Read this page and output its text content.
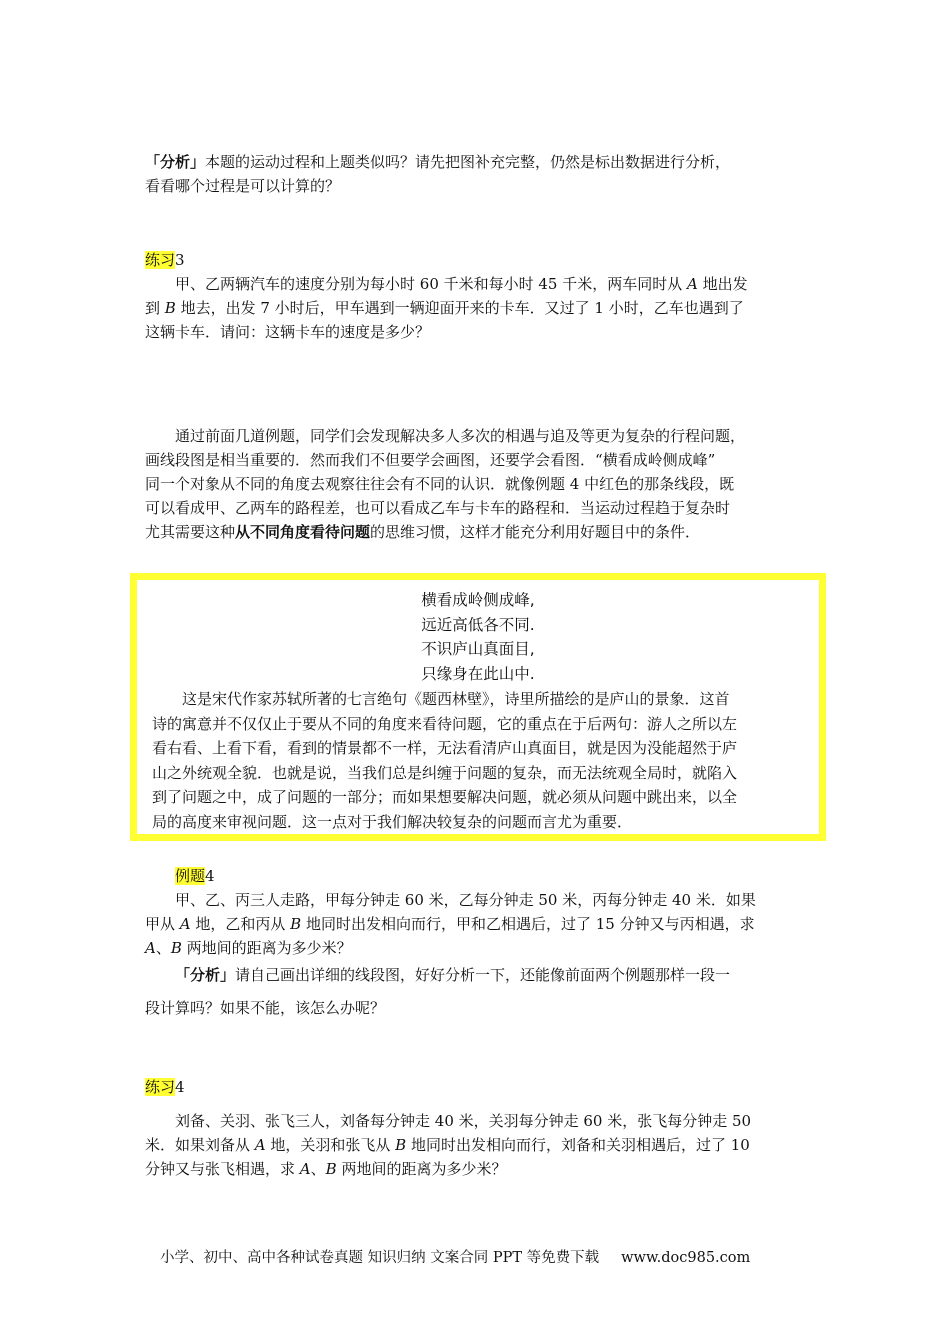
「分析」本题的运动过程和上题类似吗？请先把图补充完整，仍然是标出数据进行分析，
看看哪个过程是可以计算的？
练习3
甲、乙两辆汽车的速度分别为每小时 60 千米和每小时 45 千米，两车同时从 A 地出发
到 B 地去，出发 7 小时后，甲车遇到一辆迎面开来的卡车．又过了 1 小时，乙车也遇到了
这辆卡车．请问：这辆卡车的速度是多少？
通过前面几道例题，同学们会发现解决多人多次的相遇与追及等更为复杂的行程问题，
画线段图是相当重要的．然而我们不但要学会画图，还要学会看图．“横看成岭侧成峰”
同一个对象从不同的角度去观察往往会有不同的认识．就像例题 4 中红色的那条线段，既
可以看成甲、乙两车的路程差，也可以看成乙车与卡车的路程和．当运动过程趋于复杂时
尤其需要这种从不同角度看待问题的思维习惯，这样才能充分利用好题目中的条件．
横看成岭侧成峰,
远近高低各不同.
不识庐山真面目,
只缘身在此山中.
这是宋代作家苏轼所著的七言绝句《题西林壁》，诗里所描绘的是庐山的景象．这首
诗的寓意并不仅仅止于要从不同的角度来看待问题，它的重点在于后两句：游人之所以左
看右看、上看下看，看到的情景都不一样，无法看清庐山真面目，就是因为没能超然于庐
山之外统观全貌．也就是说，当我们总是纠缠于问题的复杂，而无法统观全局时，就陷入
到了问题之中，成了问题的一部分；而如果想要解决问题，就必须从问题中跳出来，以全
局的高度来审视问题．这一点对于我们解决较复杂的问题而言尤为重要．
例题4
甲、乙、丙三人走路，甲每分钟走 60 米，乙每分钟走 50 米，丙每分钟走 40 米．如果
甲从 A 地，乙和丙从 B 地同时出发相向而行，甲和乙相遇后，过了 15 分钟又与丙相遇，求
A、B 两地间的距离为多少米？
「分析」请自己画出详细的线段图，好好分析一下，还能像前面两个例题那样一段一
段计算吗？如果不能，该怎么办呢？
练习4
刘备、关羽、张飞三人，刘备每分钟走 40 米，关羽每分钟走 60 米，张飞每分钟走 50
米．如果刘备从 A 地，关羽和张飞从 B 地同时出发相向而行，刘备和关羽相遇后，过了 10
分钟又与张飞相遇，求 A、B 两地间的距离为多少米？
小学、初中、高中各种试卷真题 知识归纳 文案合同 PPT 等免费下载 www.doc985.com
